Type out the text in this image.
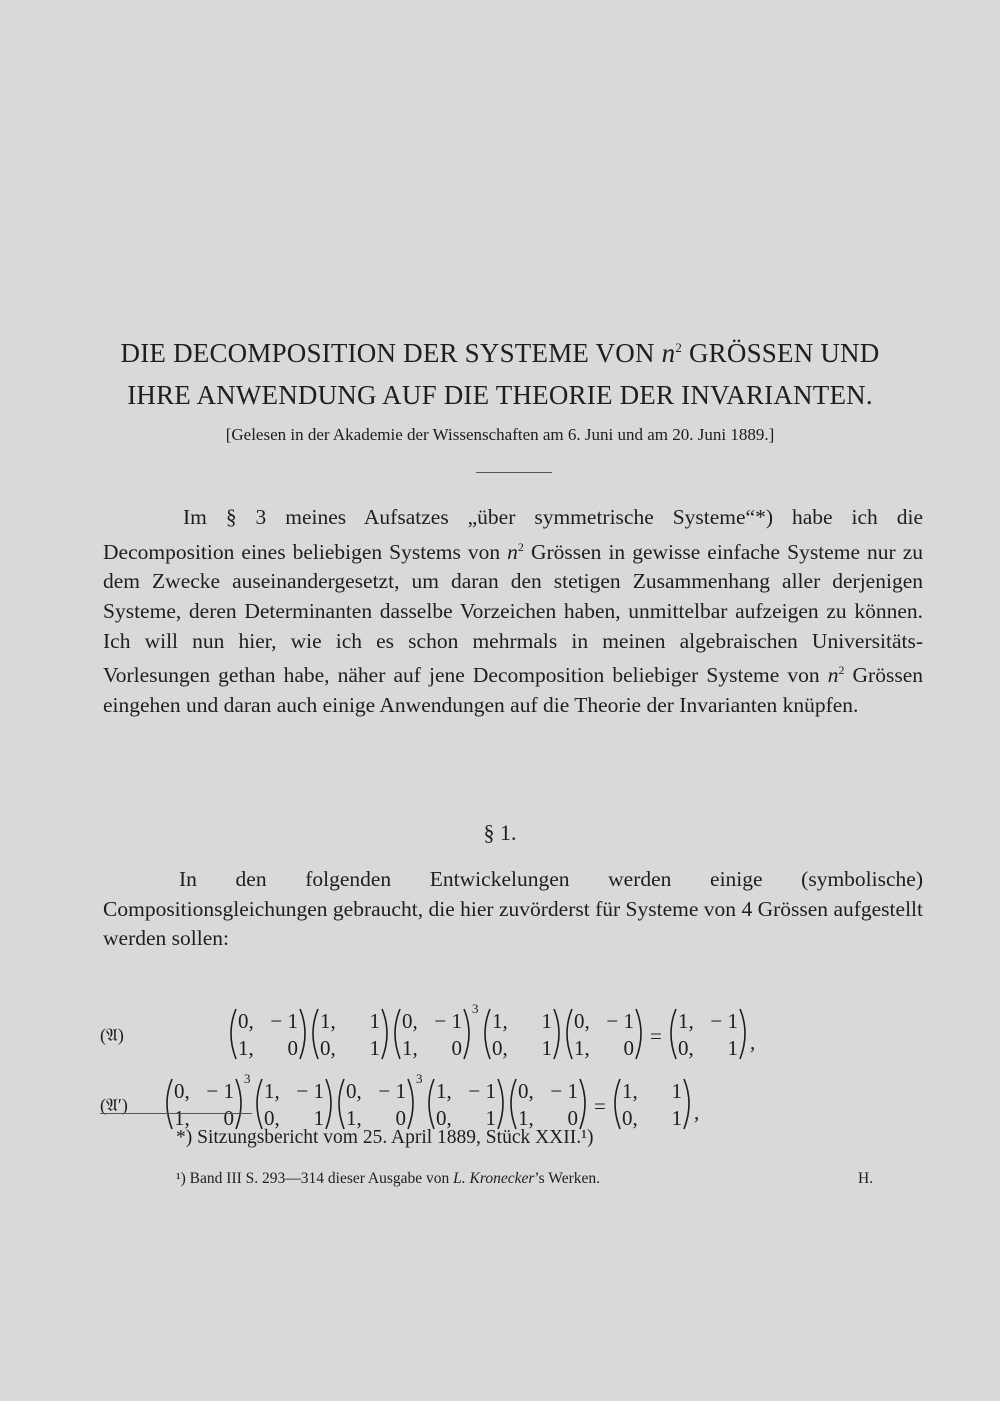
DIE DECOMPOSITION DER SYSTEME VON $n^2$ GRÖSSEN UND
IHRE ANWENDUNG AUF DIE THEORIE DER INVARIANTEN.
[Gelesen in der Akademie der Wissenschaften am 6. Juni und am 20. Juni 1889.]
Im § 3 meines Aufsatzes „über symmetrische Systeme“*) habe ich die Decomposition eines beliebigen Systems von $n^2$ Grössen in gewisse einfache Systeme nur zu dem Zwecke auseinandergesetzt, um daran den stetigen Zusammenhang aller derjenigen Systeme, deren Determinanten dasselbe Vorzeichen haben, unmittelbar aufzeigen zu können. Ich will nun hier, wie ich es schon mehrmals in meinen algebraischen Universitäts-Vorlesungen gethan habe, näher auf jene Decomposition beliebiger Systeme von $n^2$ Grössen eingehen und daran auch einige Anwendungen auf die Theorie der Invarianten knüpfen.
§ 1.
In den folgenden Entwickelungen werden einige (symbolische) Compositionsgleichungen gebraucht, die hier zuvörderst für Systeme von 4 Grössen aufgestellt werden sollen:
(𝔄)
0, − 1
1, 0
1, 1
0, 1
0, − 1
1, 0
3
1, 1
0, 1
0, − 1
1, 0 =
1, − 1
0, 1 ,
(𝔄′)
0, − 1
1, 0
3
1, − 1
0, 1
0, − 1
1, 0
3
1, − 1
0, 1
0, − 1
1, 0 =
1, 1
0, 1 ,
*) Sitzungsbericht vom 25. April 1889, Stück XXII.¹)
¹) Band III S. 293—314 dieser Ausgabe von L. Kronecker’s Werken.	H.
